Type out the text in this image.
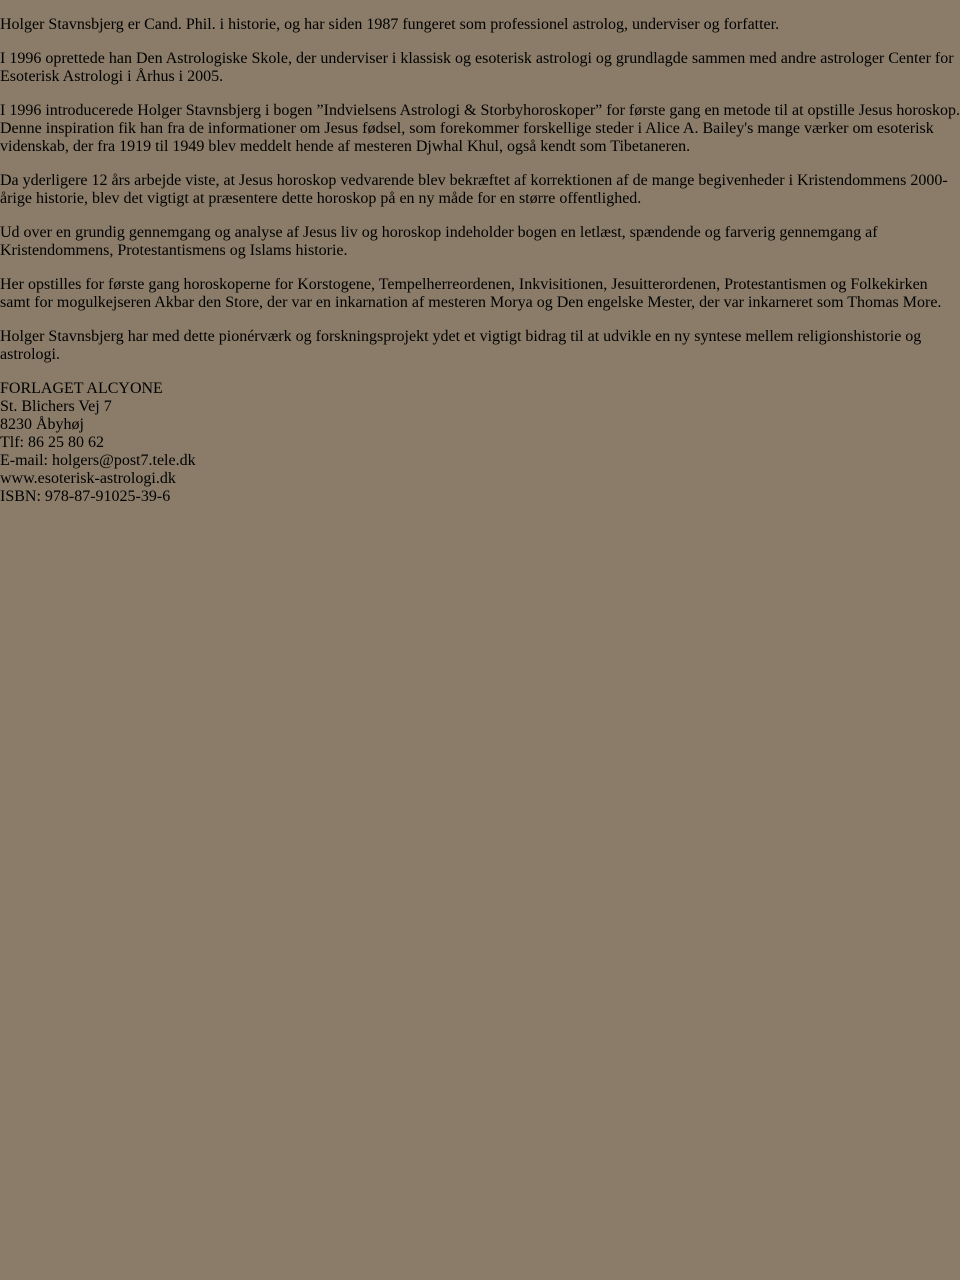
Holger Stavnsbjerg er Cand. Phil. i historie, og har siden 1987 fungeret som professionel astrolog, underviser og forfatter.

I 1996 oprettede han Den Astrologiske Skole, der underviser i klassisk og esoterisk astrologi og grundlagde sammen med andre astrologer Center for Esoterisk Astrologi i Århus i 2005.

I 1996 introducerede Holger Stavnsbjerg i bogen ”Indvielsens Astrologi & Storbyhoroskoper” for første gang en metode til at opstille Jesus horoskop. Denne inspiration fik han fra de informationer om Jesus fødsel, som forekommer forskellige steder i Alice A. Bailey's mange værker om esoterisk videnskab, der fra 1919 til 1949 blev meddelt hende af mesteren Djwhal Khul, også kendt som Tibetaneren.

Da yderligere 12 års arbejde viste, at Jesus horoskop vedvarende blev bekræftet af korrektionen af de mange begivenheder i Kristendommens 2000-årige historie, blev det vigtigt at præsentere dette horoskop på en ny måde for en større offentlighed.

Ud over en grundig gennemgang og analyse af Jesus liv og horoskop indeholder bogen en letlæst, spændende og farverig gennemgang af Kristendommens, Protestantismens og Islams historie.

Her opstilles for første gang horoskoperne for Korstogene, Tempelherreordenen, Inkvisitionen, Jesuitterordenen, Protestantismen og Folkekirken samt for mogulkejseren Akbar den Store, der var en inkarnation af mesteren Morya og Den engelske Mester, der var inkarneret som Thomas More.

Holger Stavnsbjerg har med dette pionérværk og forskningsprojekt ydet et vigtigt bidrag til at udvikle en ny syntese mellem religionshistorie og astrologi.

FORLAGET ALCYONE
St. Blichers Vej 7
8230 Åbyhøj
Tlf: 86 25 80 62
E-mail: holgers@post7.tele.dk
www.esoterisk-astrologi.dk
ISBN: 978-87-91025-39-6
